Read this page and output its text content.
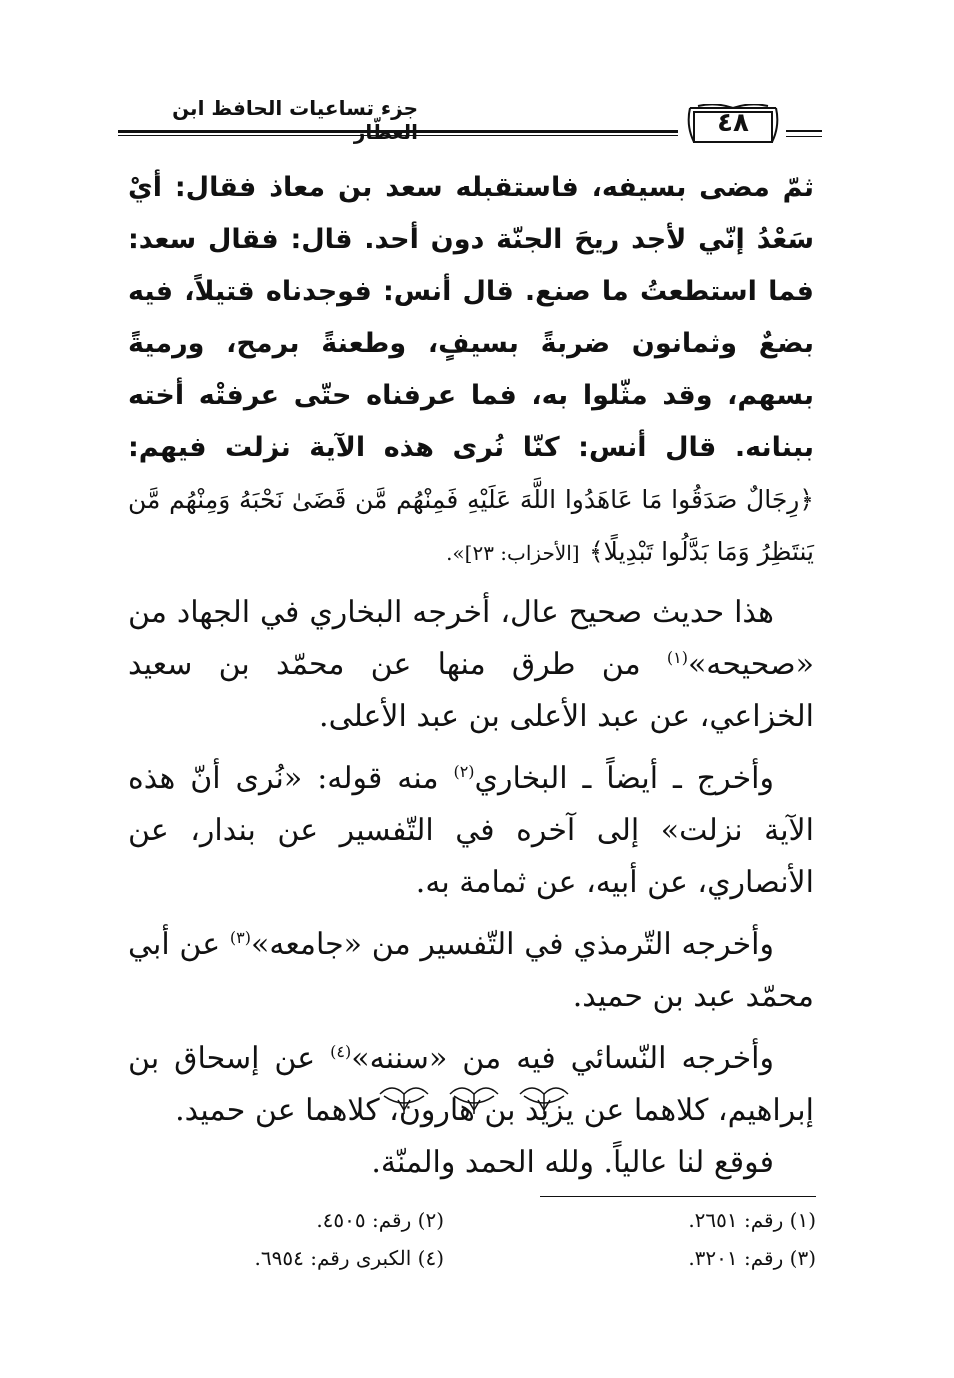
جزء تساعيات الحافظ ابن العطّار	٤٨

ثمّ مضى بسيفه، فاستقبله سعد بن معاذ فقال: أيْ سَعْدُ إنّي لأجد ريحَ الجنّة دون أحد. قال: فقال سعد: فما استطعتُ ما صنع. قال أنس: فوجدناه قتيلاً، فيه بضعٌ وثمانون ضربةً بسيفٍ، وطعنةً برمح، ورميةً بسهم، وقد مثّلوا به، فما عرفناه حتّى عرفتْه أخته ببنانه. قال أنس: كنّا نُرى هذه الآية نزلت فيهم: ﴿رِجَالٌ صَدَقُوا مَا عَاهَدُوا اللَّهَ عَلَيْهِ فَمِنْهُم مَّن قَضَىٰ نَحْبَهُ وَمِنْهُم مَّن يَنتَظِرُ وَمَا بَدَّلُوا تَبْدِيلًا﴾ [الأحزاب: ٢٣]».

هذا حديث صحيح عال، أخرجه البخاري في الجهاد من «صحيحه»$^{(١)}$ من طرق منها عن محمّد بن سعيد الخزاعي، عن عبد الأعلى بن عبد الأعلى.

وأخرج ـ أيضاً ـ البخاري$^{(٢)}$ منه قوله: «نُرى أنّ هذه الآية نزلت» إلى آخره في التّفسير عن بندار، عن الأنصاري، عن أبيه، عن ثمامة به.

وأخرجه التّرمذي في التّفسير من «جامعه»$^{(٣)}$ عن أبي محمّد عبد بن حميد.

وأخرجه النّسائي فيه من «سننه»$^{(٤)}$ عن إسحاق بن إبراهيم، كلاهما عن يزيد بن هارون، كلاهما عن حميد.

فوقع لنا عالياً. ولله الحمد والمنّة.

(١) رقم: ٢٦٥١.
(٢) رقم: ٤٥٠٥.
(٣) رقم: ٣٢٠١.
(٤) الكبرى رقم: ٦٩٥٤.
